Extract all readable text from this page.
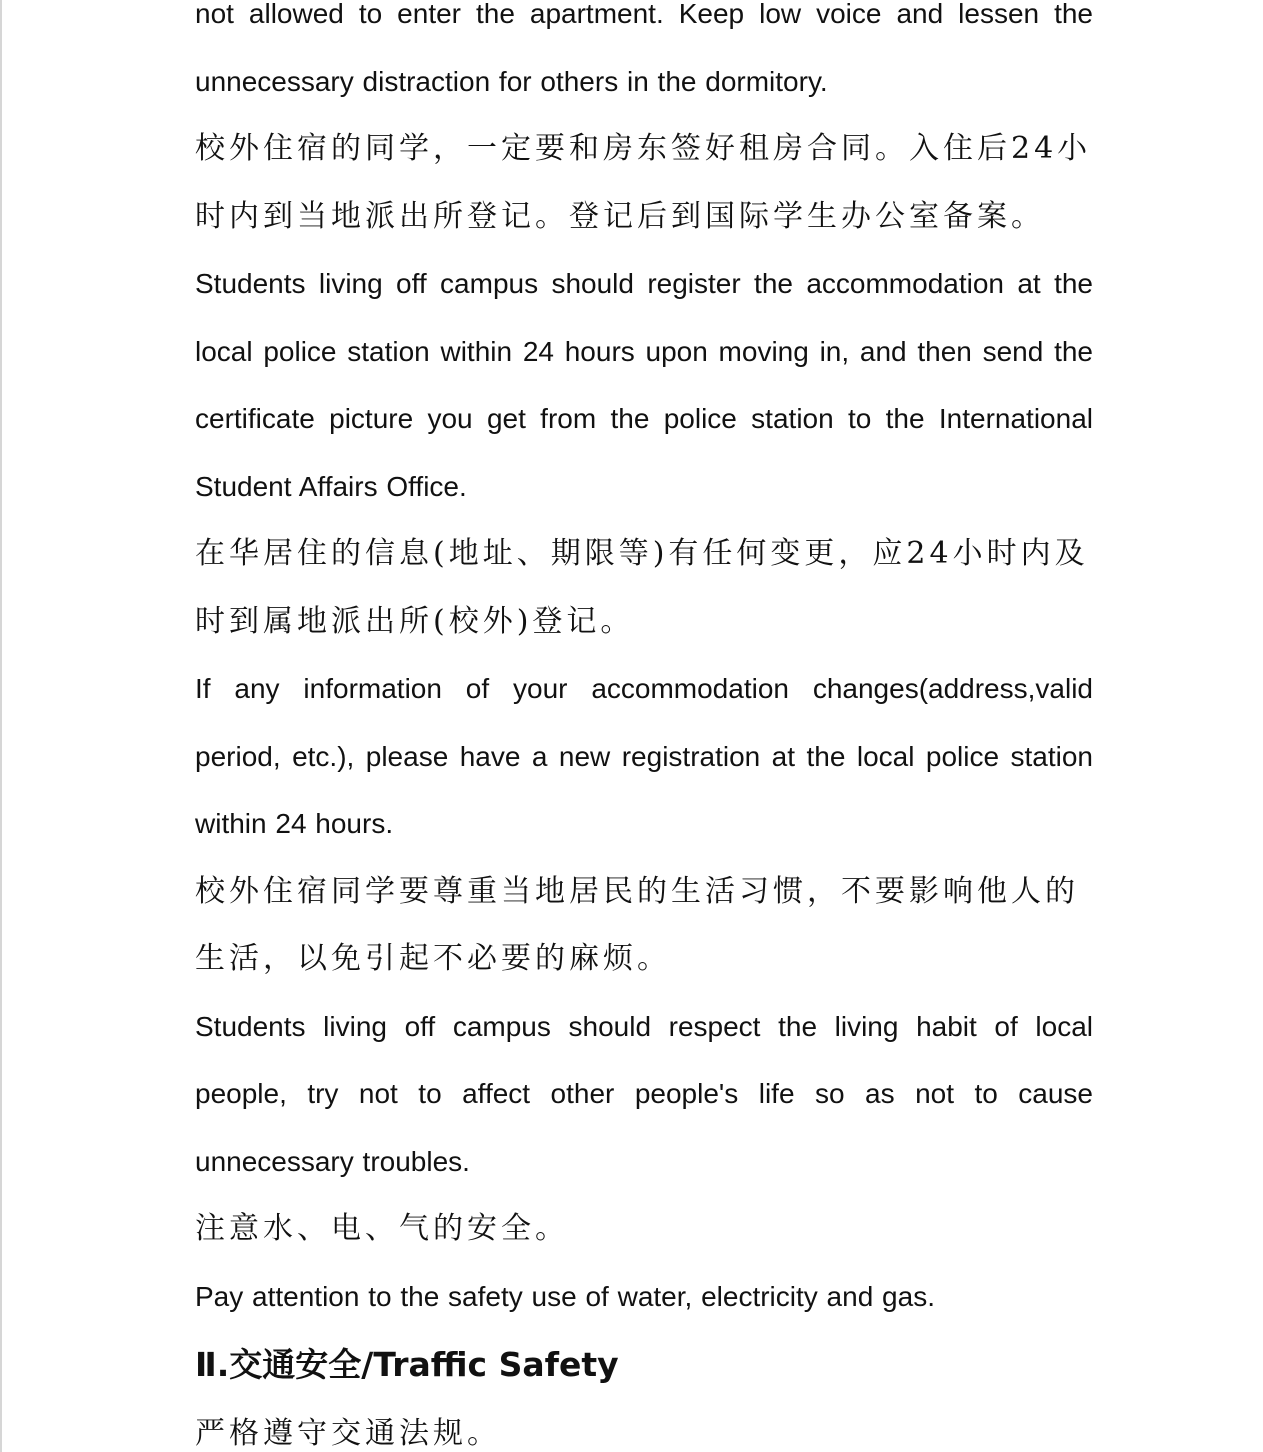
not allowed to enter the apartment. Keep low voice and lessen the unnecessary distraction for others in the dormitory.

校外住宿的同学，一定要和房东签好租房合同。入住后24小时内到当地派出所登记。登记后到国际学生办公室备案。

Students living off campus should register the accommodation at the local police station within 24 hours upon moving in, and then send the certificate picture you get from the police station to the International Student Affairs Office.

在华居住的信息(地址、期限等)有任何变更，应24小时内及时到属地派出所(校外)登记。

If any information of your accommodation changes(address,valid period, etc.), please have a new registration at the local police station within 24 hours.

校外住宿同学要尊重当地居民的生活习惯，不要影响他人的生活，以免引起不必要的麻烦。

Students living off campus should respect the living habit of local people, try not to affect other people's life so as not to cause unnecessary troubles.

注意水、电、气的安全。

Pay attention to the safety use of water, electricity and gas.

Ⅱ.交通安全/Traffic Safety

严格遵守交通法规。
